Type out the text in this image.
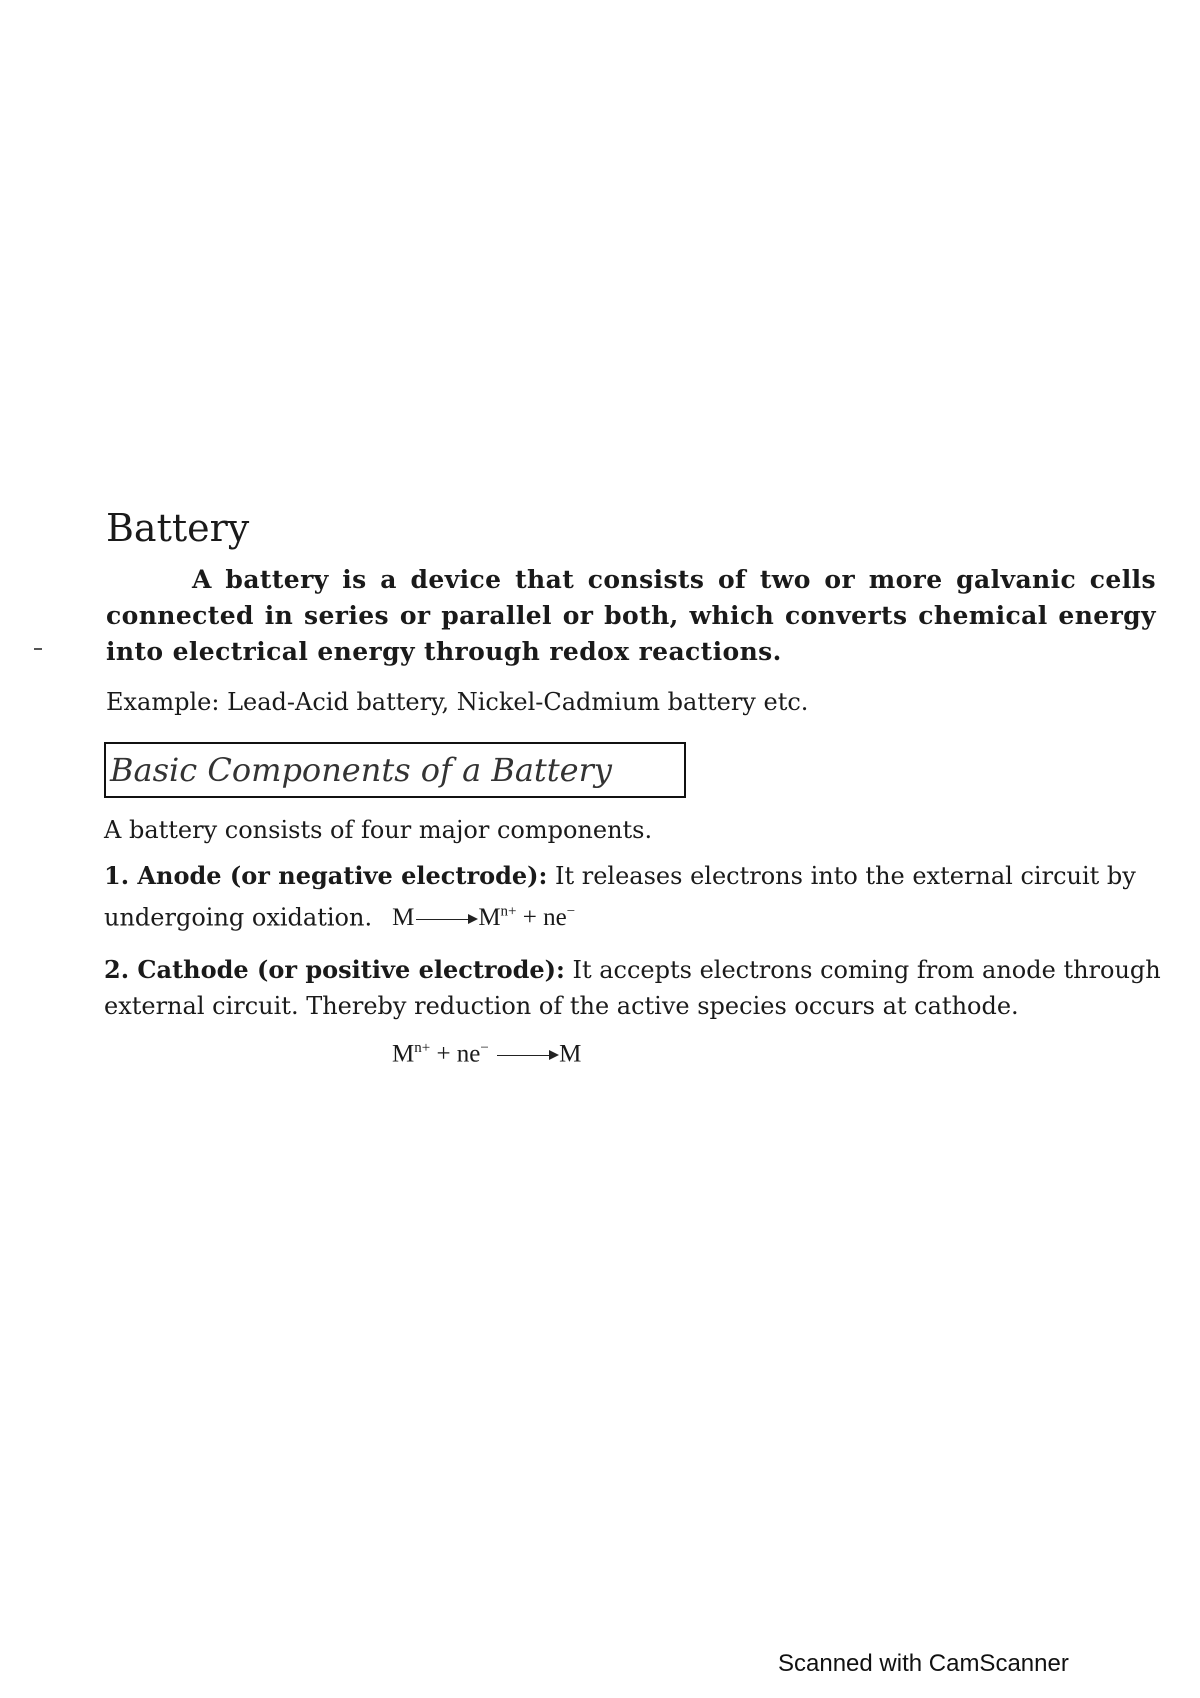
Battery

A battery is a device that consists of two or more galvanic cells connected in series or parallel or both, which converts chemical energy into electrical energy through redox reactions.

Example: Lead-Acid battery, Nickel-Cadmium battery etc.

Basic Components of a Battery

A battery consists of four major components.

1. Anode (or negative electrode): It releases electrons into the external circuit by undergoing oxidation. $M \to M^{n+} + ne^-$

2. Cathode (or positive electrode): It accepts electrons coming from anode through external circuit. Thereby reduction of the active species occurs at cathode.

$M^{n+} + ne^- \to M$

Scanned with CamScanner
